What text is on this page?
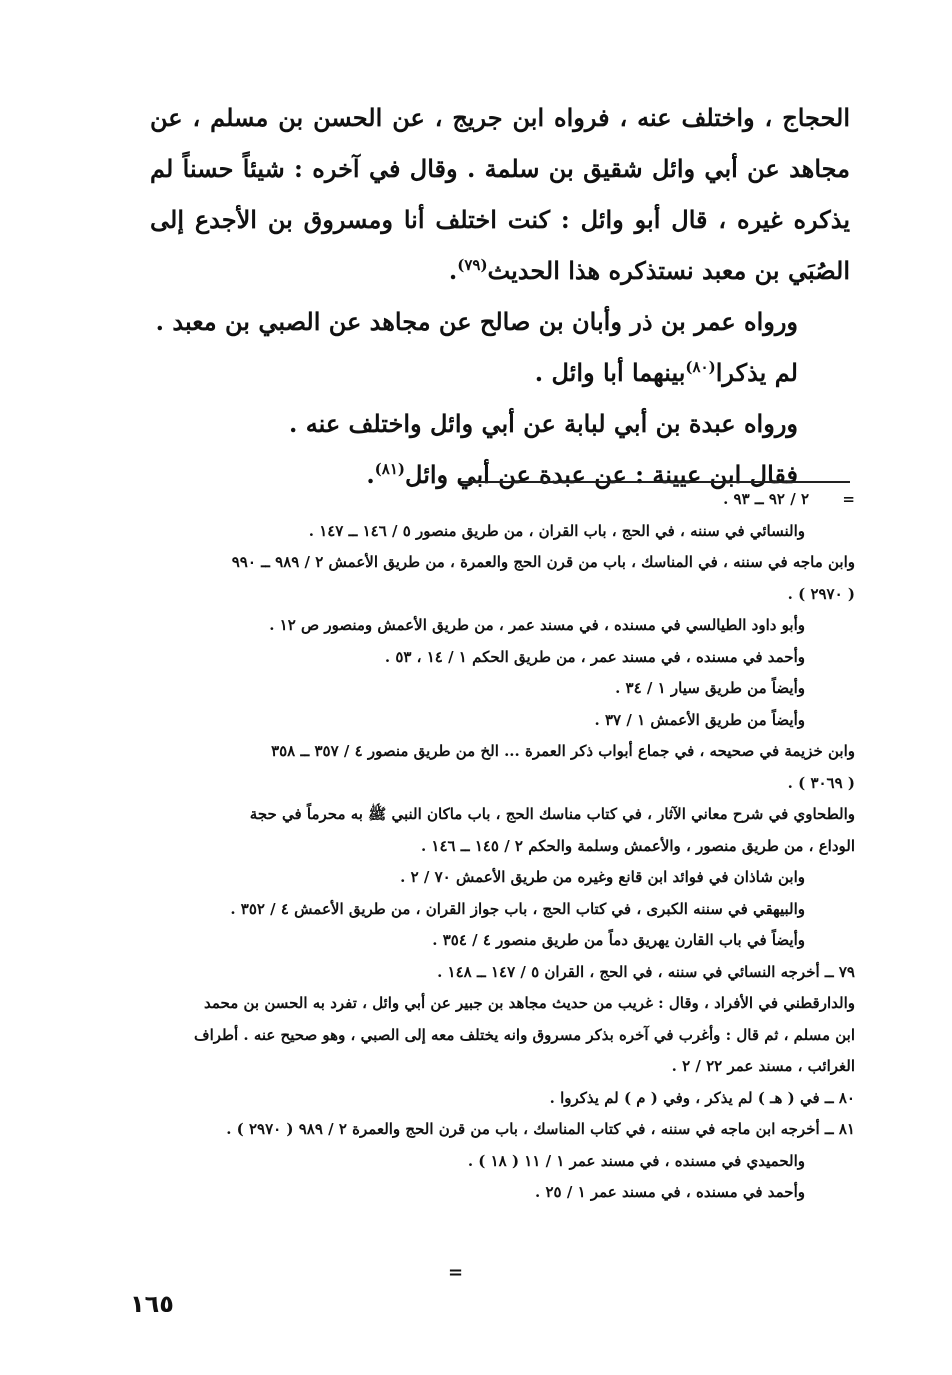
الحجاج ، واختلف عنه ، فرواه ابن جريج ، عن الحسن بن مسلم ، عن مجاهد عن أبي وائل شقيق بن سلمة . وقال في آخره : شيئاً حسناً لم يذكره غيره ، قال أبو وائل : كنت اختلف أنا ومسروق بن الأجدع إلى الصُبَي بن معبد نستذكره هذا الحديث$^{(٧٩)}$.

ورواه عمر بن ذر وأبان بن صالح عن مجاهد عن الصبي بن معبد .

لم يذكرا$^{(٨٠)}$بينهما أبا وائل .

ورواه عبدة بن أبي لبابة عن أبي وائل واختلف عنه .

فقال ابن عيينة : عن عبدة عن أبي وائل$^{(٨١)}$.

=٢ / ٩٢ ــ ٩٣ .

والنسائي في سننه ، في الحج ، باب القران ، من طريق منصور ٥ / ١٤٦ ــ ١٤٧ .

وابن ماجه في سننه ، في المناسك ، باب من قرن الحج والعمرة ، من طريق الأعمش ٢ / ٩٨٩ ــ ٩٩٠

( ٢٩٧٠ ) .

وأبو داود الطيالسي في مسنده ، في مسند عمر ، من طريق الأعمش ومنصور ص ١٢ .

وأحمد في مسنده ، في مسند عمر ، من طريق الحكم ١ / ١٤ ، ٥٣ .

وأيضاً من طريق سيار ١ / ٣٤ .

وأيضاً من طريق الأعمش ١ / ٣٧ .

وابن خزيمة في صحيحه ، في جماع أبواب ذكر العمرة ... الخ من طريق منصور ٤ / ٣٥٧ ــ ٣٥٨

( ٣٠٦٩ ) .

والطحاوي في شرح معاني الآثار ، في كتاب مناسك الحج ، باب ماكان النبي ﷺ به محرماً في حجة

الوداع ، من طريق منصور ، والأعمش وسلمة والحكم ٢ / ١٤٥ ــ ١٤٦ .

وابن شاذان في فوائد ابن قانع وغيره من طريق الأعمش ٧٠ / ٢ .

والبيهقي في سننه الكبرى ، في كتاب الحج ، باب جواز القران ، من طريق الأعمش ٤ / ٣٥٢ .

وأيضاً في باب القارن يهريق دماً من طريق منصور ٤ / ٣٥٤ .

٧٩ ــ أخرجه النسائي في سننه ، في الحج ، القران ٥ / ١٤٧ ــ ١٤٨ .

والدارقطني في الأفراد ، وقال : غريب من حديث مجاهد بن جبير عن أبي وائل ، تفرد به الحسن بن محمد

ابن مسلم ، ثم قال : وأغرب في آخره بذكر مسروق وانه يختلف معه إلى الصبي ، وهو صحيح عنه . أطراف

الغرائب ، مسند عمر ٢٢ / ٢ .

٨٠ ــ في ( هـ ) لم يذكر ، وفي ( م ) لم يذكروا .

٨١ ــ أخرجه ابن ماجه في سننه ، في كتاب المناسك ، باب من قرن الحج والعمرة ٢ / ٩٨٩ ( ٢٩٧٠ ) .

والحميدي في مسنده ، في مسند عمر ١ / ١١ ( ١٨ ) .

وأحمد في مسنده ، في مسند عمر ١ / ٢٥ .

=
١٦٥
